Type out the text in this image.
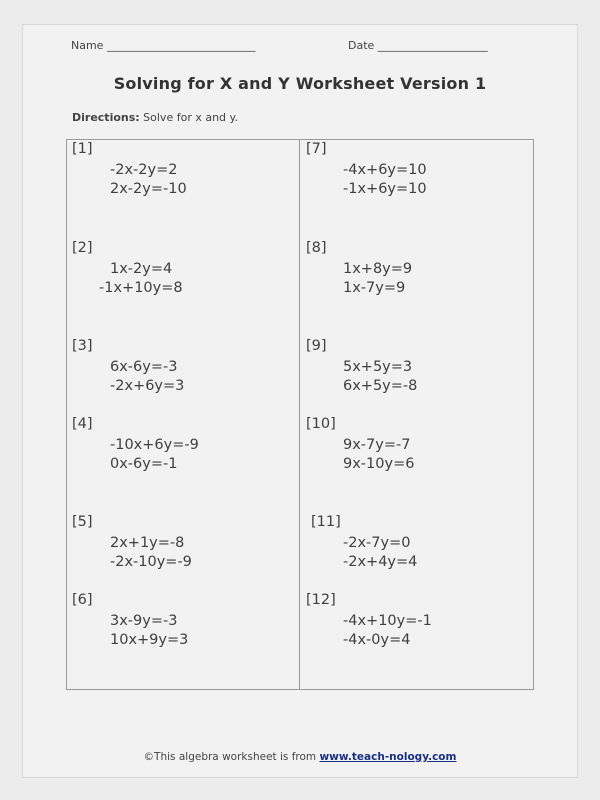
Name ___________________________	Date ____________________
Solving for X and Y Worksheet Version 1
Directions: Solve for x and y.
[1]
-2x-2y=2
2x-2y=-10
[2]
1x-2y=4
-1x+10y=8
[3]
6x-6y=-3
-2x+6y=3
[4]
-10x+6y=-9
0x-6y=-1
[5]
2x+1y=-8
-2x-10y=-9
[6]
3x-9y=-3
10x+9y=3
[7]
-4x+6y=10
-1x+6y=10
[8]
1x+8y=9
1x-7y=9
[9]
5x+5y=3
6x+5y=-8
[10]
9x-7y=-7
9x-10y=6
[11]
-2x-7y=0
-2x+4y=4
[12]
-4x+10y=-1
-4x-0y=4
©This algebra worksheet is from www.teach-nology.com
